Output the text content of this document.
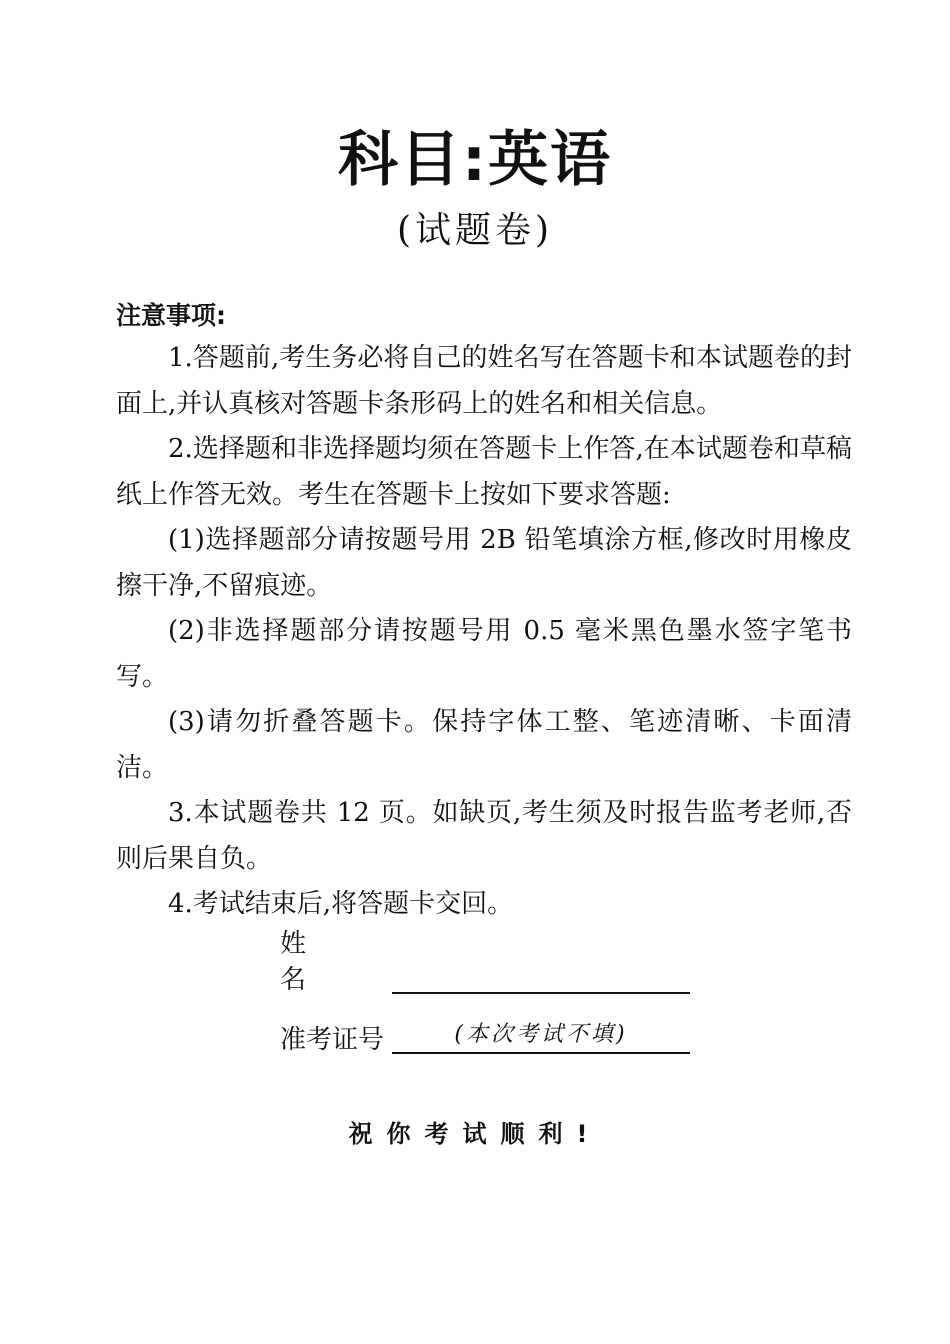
科目:英语
(试题卷)
注意事项:

1.答题前,考生务必将自己的姓名写在答题卡和本试题卷的封面上,并认真核对答题卡条形码上的姓名和相关信息。

2.选择题和非选择题均须在答题卡上作答,在本试题卷和草稿纸上作答无效。考生在答题卡上按如下要求答题:

(1)选择题部分请按题号用 2B 铅笔填涂方框,修改时用橡皮擦干净,不留痕迹。

(2)非选择题部分请按题号用 0.5 毫米黑色墨水签字笔书写。

(3)请勿折叠答题卡。保持字体工整、笔迹清晰、卡面清洁。

3.本试题卷共 12 页。如缺页,考生须及时报告监考老师,否则后果自负。

4.考试结束后,将答题卡交回。

姓名
准考证号	(本次考试不填)
祝你考试顺利!
